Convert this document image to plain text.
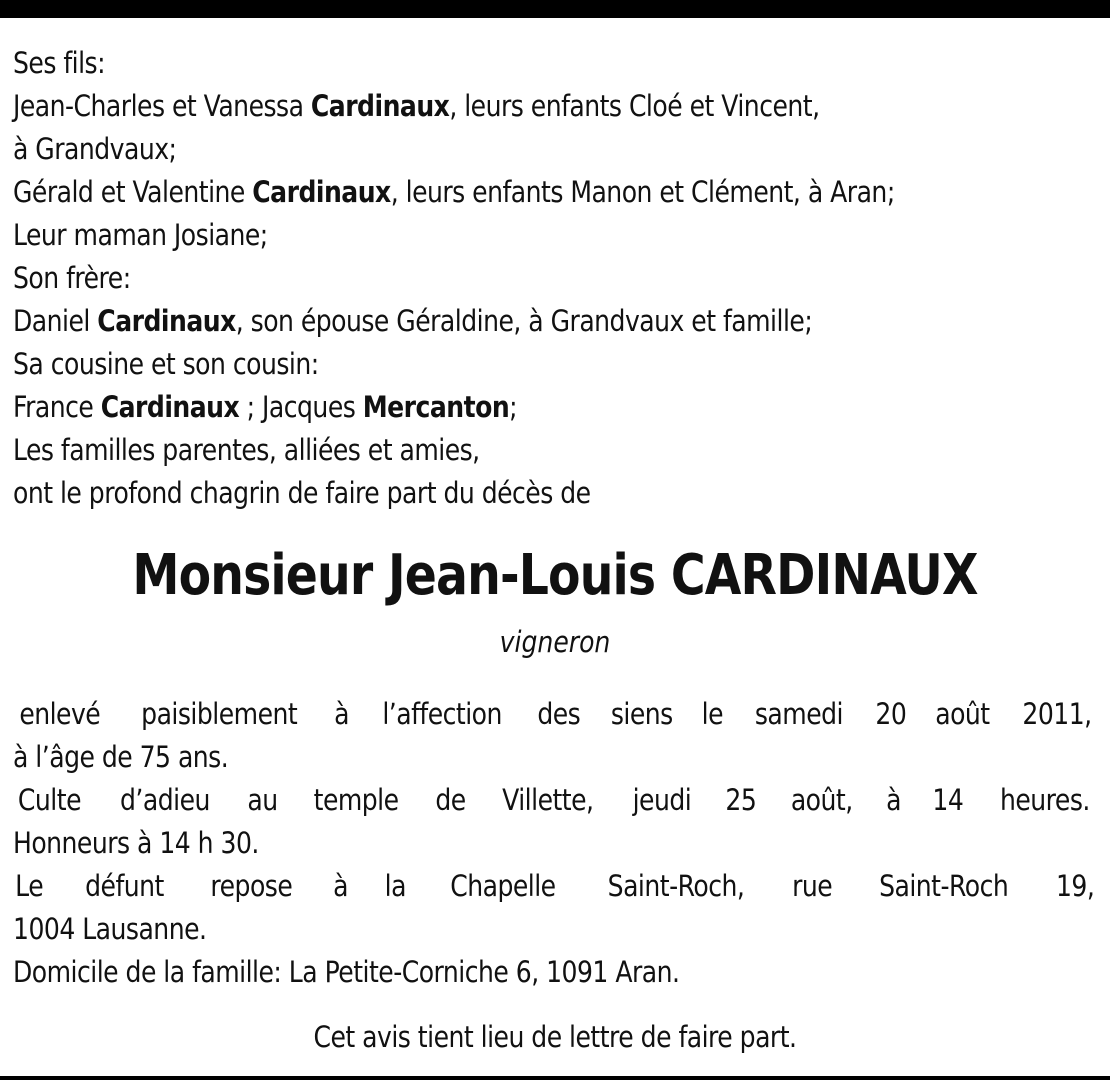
Ses fils:
Jean-Charles et Vanessa Cardinaux, leurs enfants Cloé et Vincent,
à Grandvaux;
Gérald et Valentine Cardinaux, leurs enfants Manon et Clément, à Aran;
Leur maman Josiane;
Son frère:
Daniel Cardinaux, son épouse Géraldine, à Grandvaux et famille;
Sa cousine et son cousin:
France Cardinaux ; Jacques Mercanton;
Les familles parentes, alliées et amies,
ont le profond chagrin de faire part du décès de
Monsieur Jean-Louis CARDINAUX
vigneron
enlevé paisiblement à l’affection des siens le samedi 20 août 2011,
à l’âge de 75 ans.
Culte d’adieu au temple de Villette, jeudi 25 août, à 14 heures.
Honneurs à 14 h 30.
Le défunt repose à la Chapelle Saint-Roch, rue Saint-Roch 19,
1004 Lausanne.
Domicile de la famille: La Petite-Corniche 6, 1091 Aran.
Cet avis tient lieu de lettre de faire part.
